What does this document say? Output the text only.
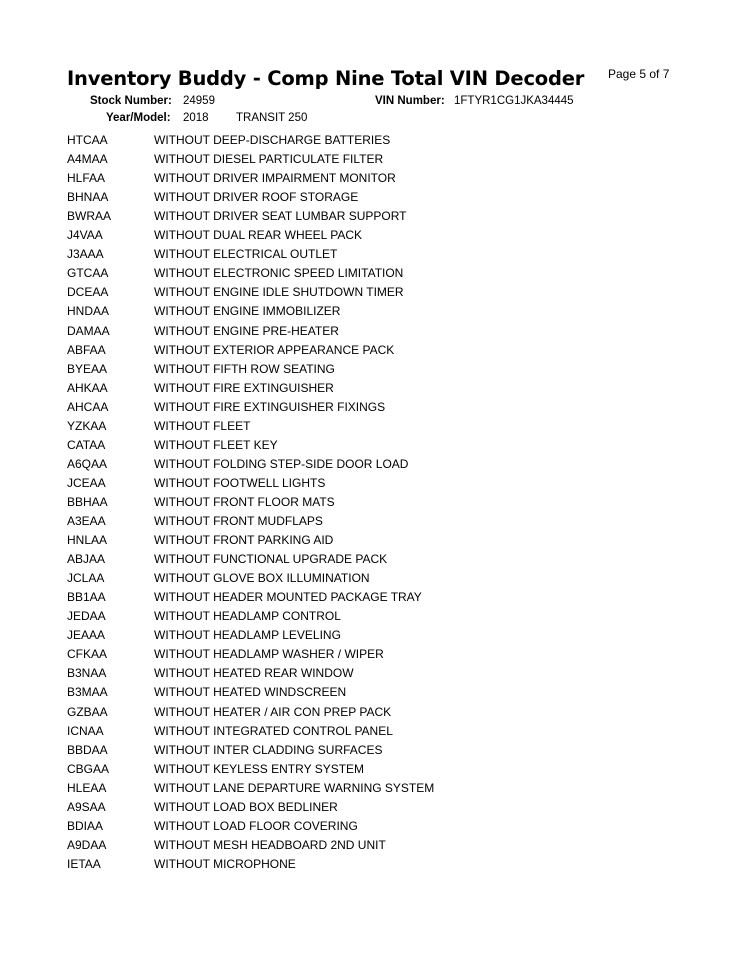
Inventory Buddy - Comp Nine Total VIN Decoder Page 5 of 7
Stock Number: 24959	VIN Number: 1FTYR1CG1JKA34445
Year/Model: 2018 TRANSIT 250
HTCAA	WITHOUT DEEP-DISCHARGE BATTERIES
A4MAA	WITHOUT DIESEL PARTICULATE FILTER
HLFAA	WITHOUT DRIVER IMPAIRMENT MONITOR
BHNAA	WITHOUT DRIVER ROOF STORAGE
BWRAA	WITHOUT DRIVER SEAT LUMBAR SUPPORT
J4VAA	WITHOUT DUAL REAR WHEEL PACK
J3AAA	WITHOUT ELECTRICAL OUTLET
GTCAA	WITHOUT ELECTRONIC SPEED LIMITATION
DCEAA	WITHOUT ENGINE IDLE SHUTDOWN TIMER
HNDAA	WITHOUT ENGINE IMMOBILIZER
DAMAA	WITHOUT ENGINE PRE-HEATER
ABFAA	WITHOUT EXTERIOR APPEARANCE PACK
BYEAA	WITHOUT FIFTH ROW SEATING
AHKAA	WITHOUT FIRE EXTINGUISHER
AHCAA	WITHOUT FIRE EXTINGUISHER FIXINGS
YZKAA	WITHOUT FLEET
CATAA	WITHOUT FLEET KEY
A6QAA	WITHOUT FOLDING STEP-SIDE DOOR LOAD
JCEAA	WITHOUT FOOTWELL LIGHTS
BBHAA	WITHOUT FRONT FLOOR MATS
A3EAA	WITHOUT FRONT MUDFLAPS
HNLAA	WITHOUT FRONT PARKING AID
ABJAA	WITHOUT FUNCTIONAL UPGRADE PACK
JCLAA	WITHOUT GLOVE BOX ILLUMINATION
BB1AA	WITHOUT HEADER MOUNTED PACKAGE TRAY
JEDAA	WITHOUT HEADLAMP CONTROL
JEAAA	WITHOUT HEADLAMP LEVELING
CFKAA	WITHOUT HEADLAMP WASHER / WIPER
B3NAA	WITHOUT HEATED REAR WINDOW
B3MAA	WITHOUT HEATED WINDSCREEN
GZBAA	WITHOUT HEATER / AIR CON PREP PACK
ICNAA	WITHOUT INTEGRATED CONTROL PANEL
BBDAA	WITHOUT INTER CLADDING SURFACES
CBGAA	WITHOUT KEYLESS ENTRY SYSTEM
HLEAA	WITHOUT LANE DEPARTURE WARNING SYSTEM
A9SAA	WITHOUT LOAD BOX BEDLINER
BDIAA	WITHOUT LOAD FLOOR COVERING
A9DAA	WITHOUT MESH HEADBOARD 2ND UNIT
IETAA	WITHOUT MICROPHONE
